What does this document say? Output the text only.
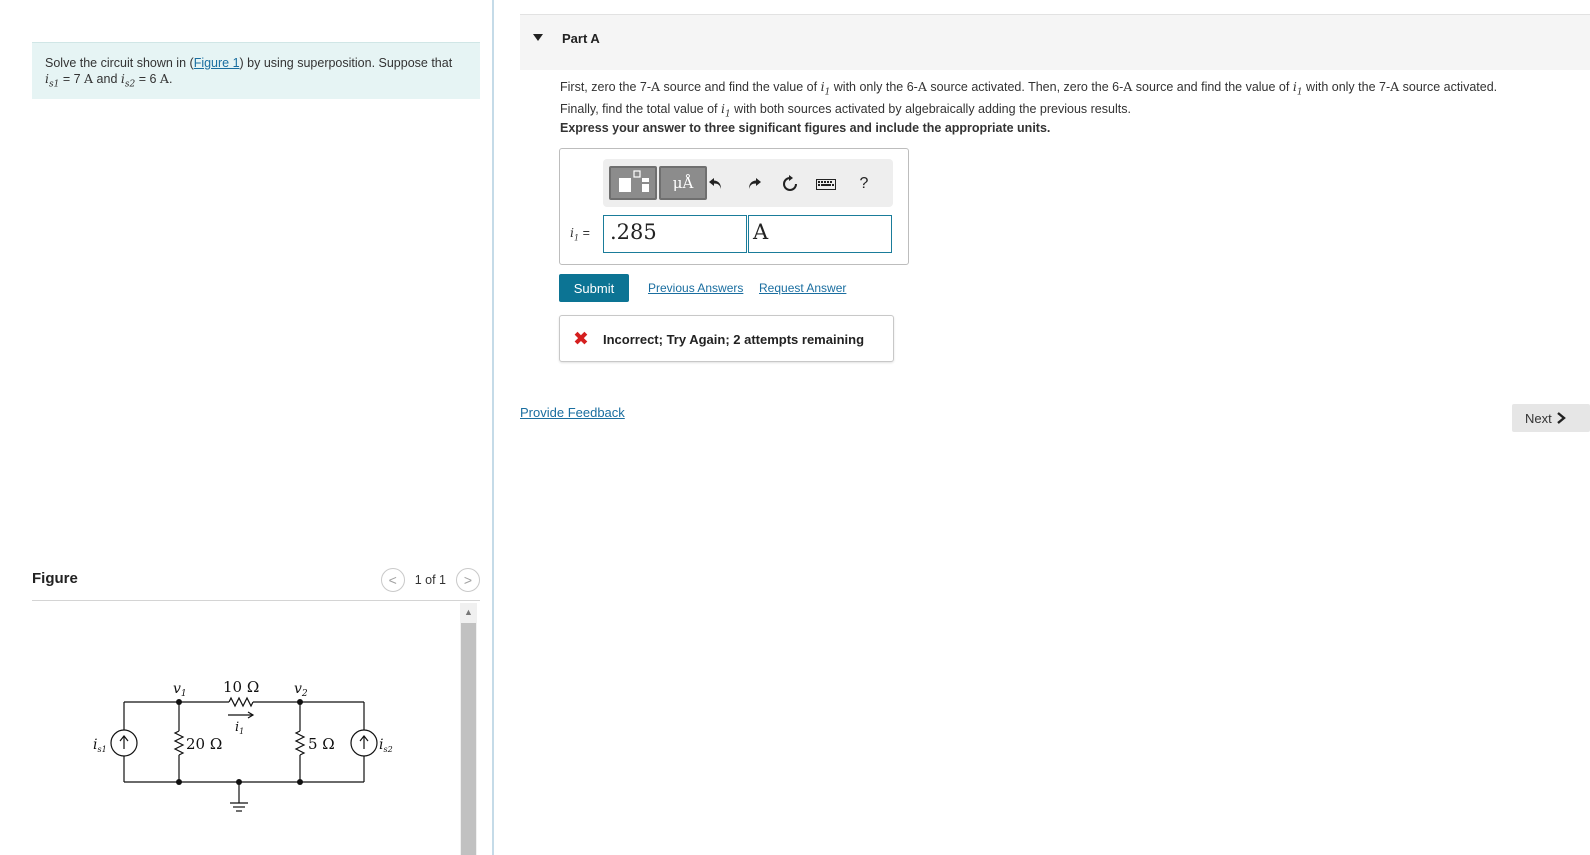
Solve the circuit shown in (Figure 1) by using superposition. Suppose that
$i_{s1} = 7$ A and $i_{s2} = 6$ A.
Figure	<	1 of 1	>
$v_1$	$v_2$
10 Ω
$i_1$
20 Ω	5 Ω
$i_{s1}$	$i_{s2}$
▲
Part A
First, zero the 7-A source and find the value of $i_1$ with only the 6-A source activated. Then, zero the 6-A source and find the value of $i_1$ with only the 7-A source activated.
Finally, find the total value of $i_1$ with both sources activated by algebraically adding the previous results.
Express your answer to three significant figures and include the appropriate units.
μÅ	?
$i_1 = .285$	A
Submit	Previous Answers Request Answer
✖ Incorrect; Try Again; 2 attempts remaining
Provide Feedback	Next
